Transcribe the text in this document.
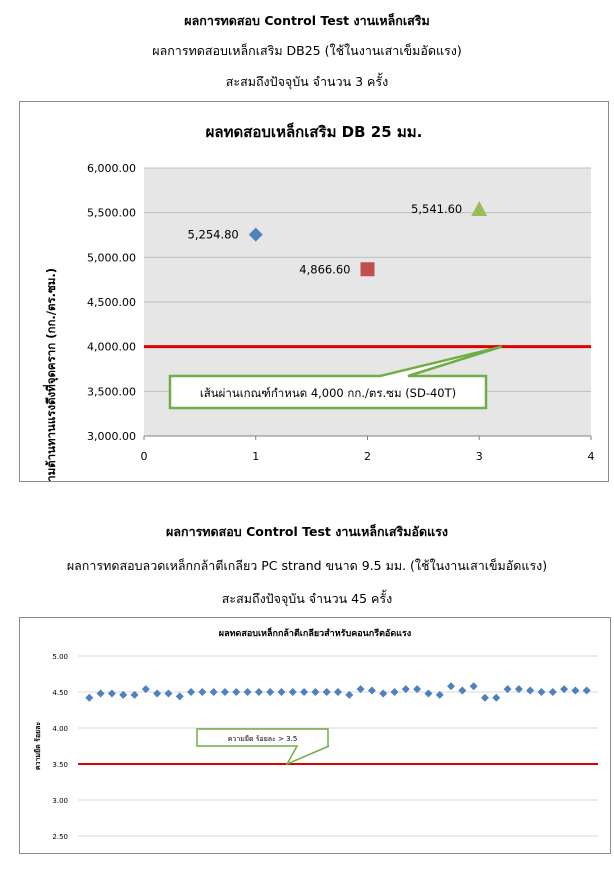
ผลการทดสอบ Control Test งานเหล็กเสริม
ผลการทดสอบเหล็กเสริม DB25 (ใช้ในงานเสาเข็มอัดแรง)
สะสมถึงปัจจุบัน จำนวน 3 ครั้ง
ผลทดสอบเหล็กเสริม DB 25 มม.
3,000.00
3,500.00
4,000.00
4,500.00
5,000.00
5,500.00
6,000.00
0	1	2	3	4
5,254.80
4,866.60
5,541.60
เส้นผ่านเกณฑ์กำหนด 4,000 กก./ตร.ซม (SD-40T)
ความต้านทานแรงดึงที่จุดคราก (กก./ตร.ซม.)
ผลการทดสอบ Control Test งานเหล็กเสริมอัดแรง
ผลการทดสอบลวดเหล็กกล้าตีเกลียว PC strand ขนาด 9.5 มม. (ใช้ในงานเสาเข็มอัดแรง)
สะสมถึงปัจจุบัน จำนวน 45 ครั้ง
ผลทดสอบเหล็กกล้าตีเกลียวสำหรับคอนกรีตอัดแรง
2.50
3.00
3.50
4.00
4.50
5.00
ความยืด ร้อยละ > 3.5
ความยืด ร้อยละ
